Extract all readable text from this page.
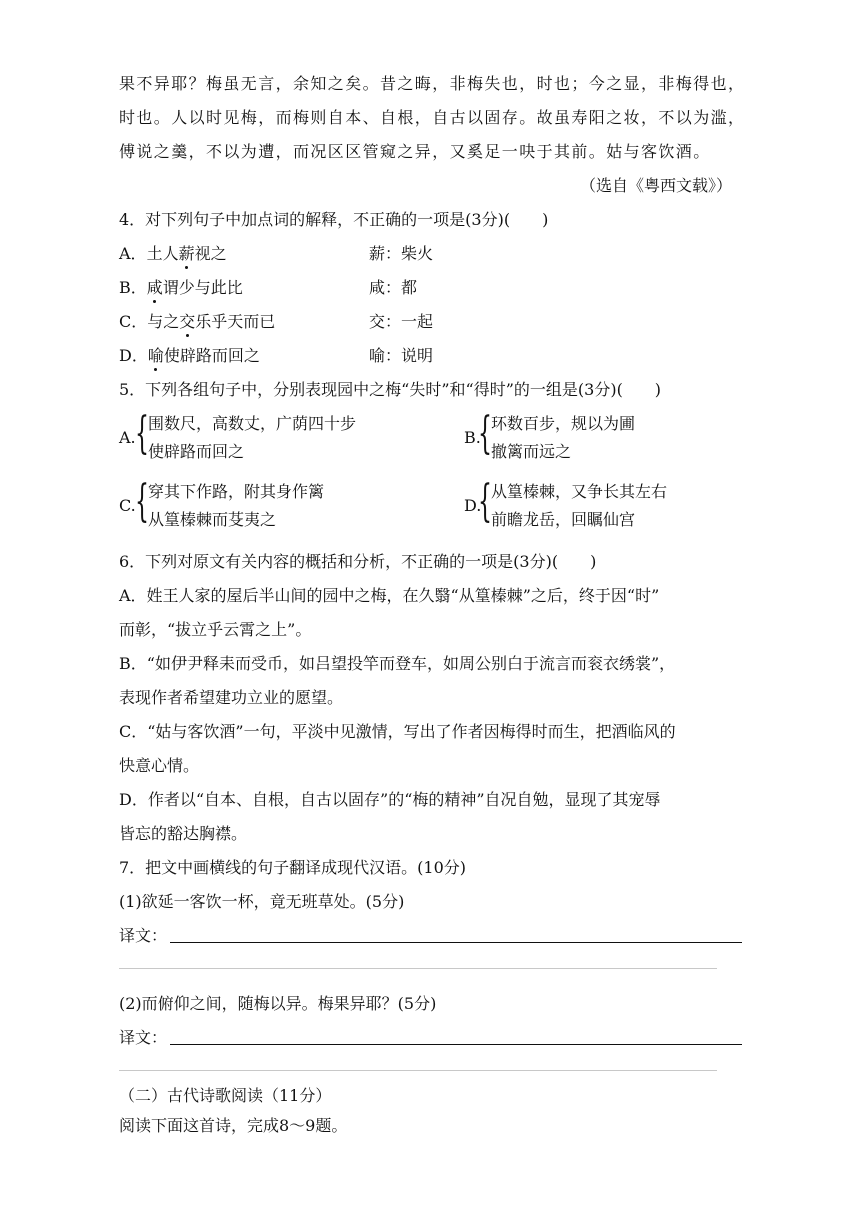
果不异耶？梅虽无言，余知之矣。昔之晦，非梅失也，时也；今之显，非梅得也，
时也。人以时见梅，而梅则自本、自根，自古以固存。故虽寿阳之妆，不以为滥，
傅说之羹，不以为遭，而况区区管窥之异，又奚足一吷于其前。姑与客饮酒。
（选自《粤西文载》）
4．对下列句子中加点词的解释，不正确的一项是(3分)(　　)
A．土人薪视之	薪：柴火
B．咸谓少与此比	咸：都
C．与之交乐乎天而已	交：一起
D．喻使辟路而回之	喻：说明
5．下列各组句子中，分别表现园中之梅“失时”和“得时”的一组是(3分)(　　)
A. { 围数尺，高数丈，广荫四十步
使辟路而回之
B.
{ 环数百步，规以为圃
撤篱而远之
C. { 穿其下作路，附其身作篱
从篁榛棘而芟夷之
D.
{ 从篁榛棘，又争长其左右
前瞻龙岳，回瞩仙宫
6．下列对原文有关内容的概括和分析，不正确的一项是(3分)(　　)
A．姓王人家的屋后半山间的园中之梅，在久翳“从篁榛棘”之后，终于因“时”
而彰，“拔立乎云霄之上”。
B．“如伊尹释耒而受币，如吕望投竿而登车，如周公别白于流言而衮衣绣裳”，
表现作者希望建功立业的愿望。
C．“姑与客饮酒”一句，平淡中见激情，写出了作者因梅得时而生，把酒临风的
快意心情。
D．作者以“自本、自根，自古以固存”的“梅的精神”自况自勉，显现了其宠辱
皆忘的豁达胸襟。
7．把文中画横线的句子翻译成现代汉语。(10分)
(1)欲延一客饮一杯，竟无班草处。(5分)
译文：
(2)而俯仰之间，随梅以异。梅果异耶？(5分)
译文：
（二）古代诗歌阅读（11分）
阅读下面这首诗，完成8～9题。
